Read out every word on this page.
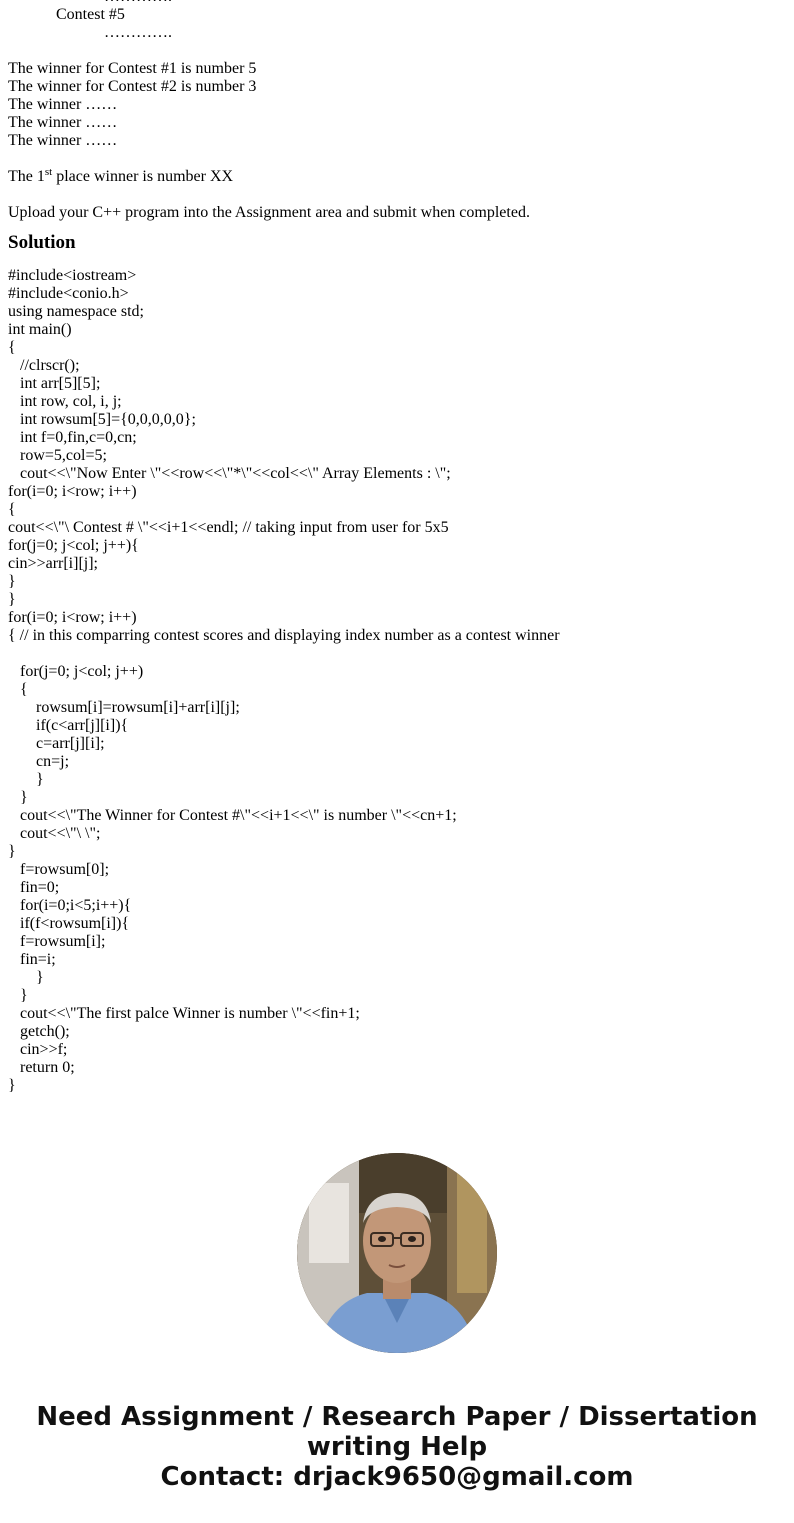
Contest #5
………….
The winner for Contest #1 is number 5
The winner for Contest #2 is number 3
The winner ……
The winner ……
The winner ……
The 1st place winner is number XX
Upload your C++ program into the Assignment area and submit when completed.
Solution
#include<iostream>
#include<conio.h>
using namespace std;
int main()
{
//clrscr();
int arr[5][5];
int row, col, i, j;
int rowsum[5]={0,0,0,0,0};
int f=0,fin,c=0,cn;
row=5,col=5;
cout<<\"Now Enter \"<<row<<\"*\"<<col<<\" Array Elements : \";
for(i=0; i<row; i++)
{
cout<<\"\ Contest # \"<<i+1<<endl; // taking input from user for 5x5
for(j=0; j<col; j++){
cin>>arr[i][j];
}
}
for(i=0; i<row; i++)
{ // in this comparring contest scores and displaying index number as a contest winner
for(j=0; j<col; j++)
{
rowsum[i]=rowsum[i]+arr[i][j];
if(c<arr[j][i]){
c=arr[j][i];
cn=j;
}
}
cout<<\"The Winner for Contest #\"<<i+1<<\" is number \"<<cn+1;
cout<<\"\ \";
}
f=rowsum[0];
fin=0;
for(i=0;i<5;i++){
if(f<rowsum[i]){
f=rowsum[i];
fin=i;
}
}
cout<<\"The first palce Winner is number \"<<fin+1;
getch();
cin>>f;
return 0;
}
Need Assignment / Research Paper / Dissertation
writing Help
Contact: drjack9650@gmail.com
